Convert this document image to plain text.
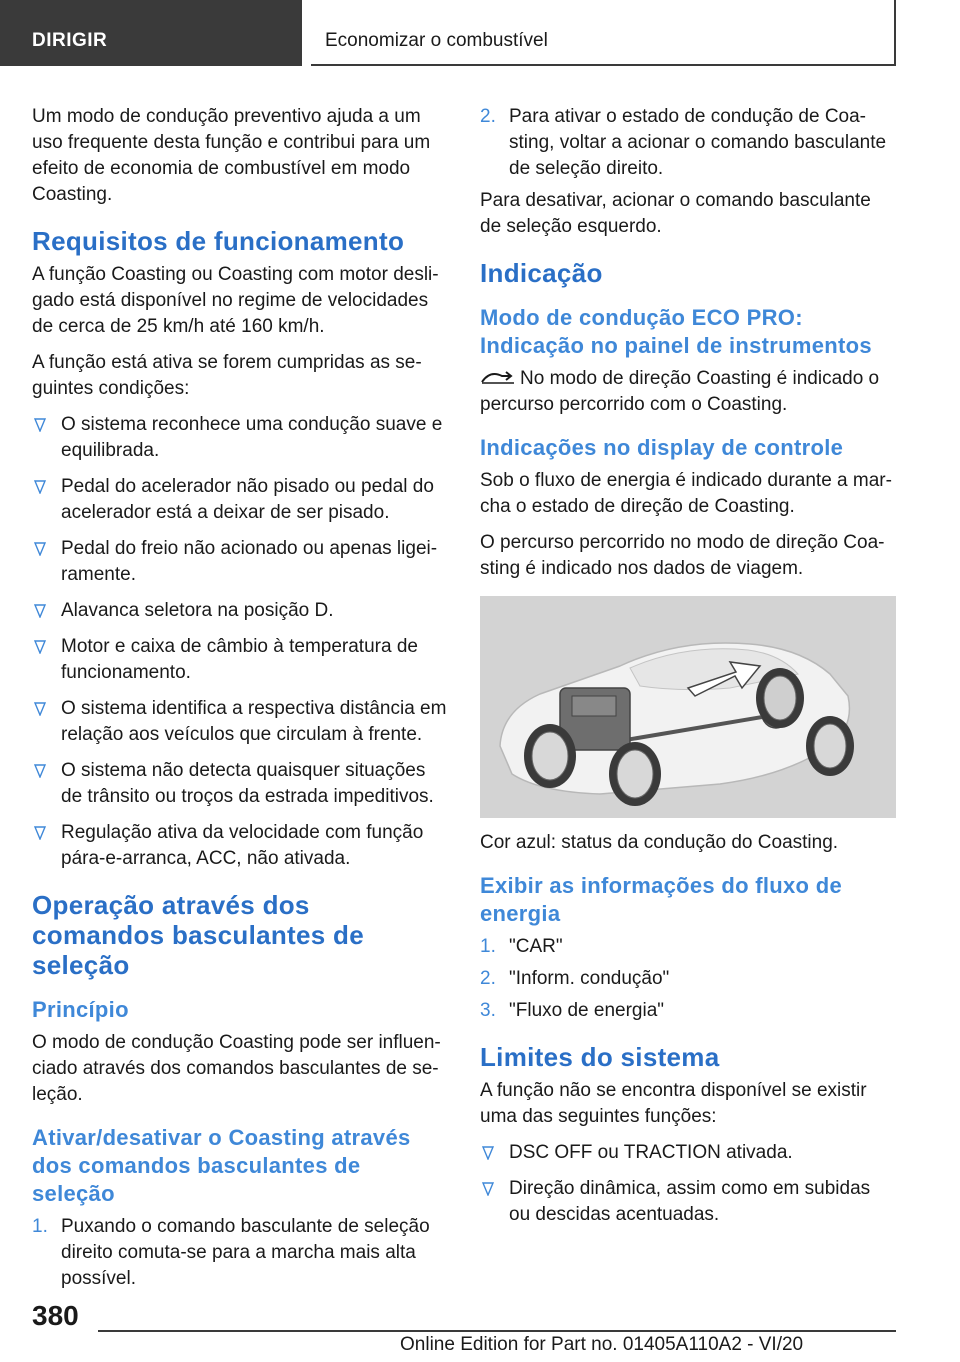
DIRIGIR	Economizar o combustível

Um modo de condução preventivo ajuda a um uso frequente desta função e contribui para um efeito de economia de combustível em modo Coasting.

Requisitos de funcionamento

A função Coasting ou Coasting com motor desli-gado está disponível no regime de velocidades de cerca de 25 km/h até 160 km/h.

A função está ativa se forem cumpridas as se-guintes condições:

O sistema reconhece uma condução suave e equilibrada.
Pedal do acelerador não pisado ou pedal do acelerador está a deixar de ser pisado.
Pedal do freio não acionado ou apenas ligei-ramente.
Alavanca seletora na posição D.
Motor e caixa de câmbio à temperatura de funcionamento.
O sistema identifica a respectiva distância em relação aos veículos que circulam à frente.
O sistema não detecta quaisquer situações de trânsito ou troços da estrada impeditivos.
Regulação ativa da velocidade com função pára-e-arranca, ACC, não ativada.
Operação através dos comandos basculantes de seleção
Princípio

O modo de condução Coasting pode ser influen-ciado através dos comandos basculantes de se-leção.

Ativar/desativar o Coasting através dos comandos basculantes de seleção
1. Puxando o comando basculante de seleção direito comuta-se para a marcha mais alta possível.
2. Para ativar o estado de condução de Coa-sting, voltar a acionar o comando basculante de seleção direito.

Para desativar, acionar o comando basculante de seleção esquerdo.

Indicação
Modo de condução ECO PRO: Indicação no painel de instrumentos

No modo de direção Coasting é indicado o percurso percorrido com o Coasting.

Indicações no display de controle

Sob o fluxo de energia é indicado durante a mar-cha o estado de direção de Coasting.

O percurso percorrido no modo de direção Coa-sting é indicado nos dados de viagem.

Cor azul: status da condução do Coasting.

Exibir as informações do fluxo de energia
1. "CAR"
2. "Inform. condução"
3. "Fluxo de energia"
Limites do sistema

A função não se encontra disponível se existir uma das seguintes funções:

DSC OFF ou TRACTION ativada.
Direção dinâmica, assim como em subidas ou descidas acentuadas.
380
Online Edition for Part no. 01405A110A2 - VI/20
